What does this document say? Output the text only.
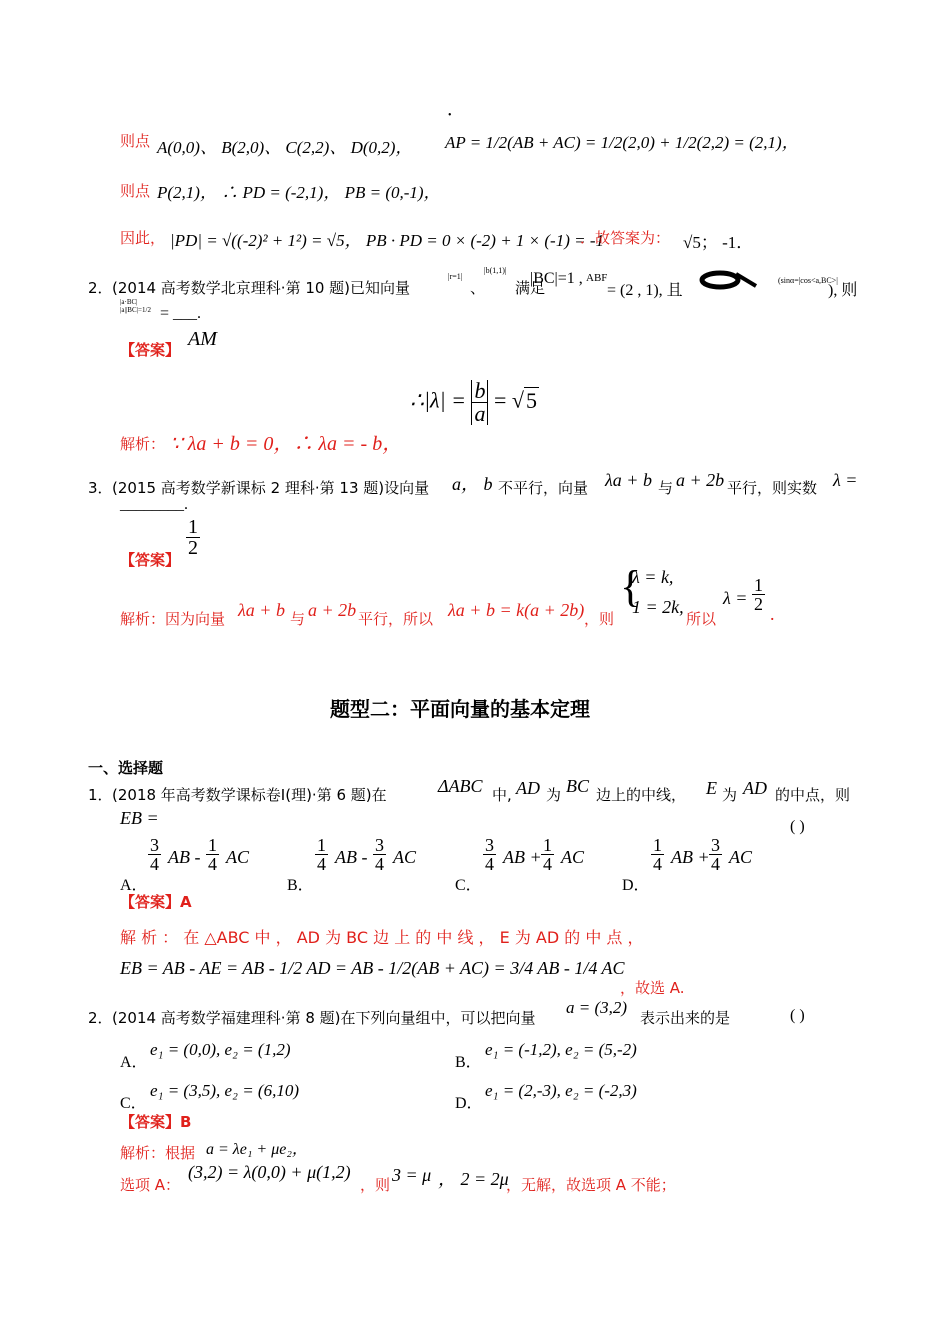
则点 A(0,0)、 B(2,0)、 C(2,2)、 D(0,2)，
•
AP = 1/2(AB + AC) = 1/2(2,0) + 1/2(2,2) = (2,1)，
则点 P(2,1)， ∴ PD = (-2,1)， PB = (0,-1)，
因此， |PD| = √((-2)² + 1²) = √5， PB · PD = 0 × (-2) + 1 × (-1) = -1
．故答案为： √5； -1．
2． (2014 高考数学北京理科·第 10 题)已知向量
|r=1|
、
|b(1,1)|
满足
|BC|=1 , ABF
= (2 , 1), 且
(sinα=|cos<a,BC>|
), 则
|a·BC|
|a||BC|=1/2 = ___.
【答案】 AM
∴|λ| = $\frac{b}{a} = √5$
解析： ∵ λa + b = 0，∴ λa = - b，
3． (2015 高考数学新课标 2 理科·第 13 题)设向量 a， b 不平行，向量 λa + b 与 a + 2b 平行，则实数 λ =
________.
【答案】
$\frac{1}{2}$
解析：因为向量 λa + b 与 a + 2b 平行，所以 λa + b = k(a + 2b) ，则
{
λ = k,
1 = 2k,
所以
$\lambda = \frac{1}{2}$
.
题型二：平面向量的基本定理
一、选择题
1． (2018 年高考数学课标卷Ⅰ(理)·第 6 题)在	ΔABC 中, AD 为 BC 边上的中线， E 为 AD 的中点，则
EB =	( )
A．
$\frac{3}{4}$ AB - $\frac{1}{4}$ AC
B．
$\frac{1}{4}$ AB - $\frac{3}{4}$ AC
C．
$\frac{3}{4}$ AB + $\frac{1}{4}$ AC
D．
$\frac{1}{4}$ AB + $\frac{3}{4}$ AC
【答案】A
解 析 ： 在 △ABC 中 ， AD 为 BC 边 上 的 中 线 ， E 为 AD 的 中 点 ，
EB = AB - AE = AB - 1/2 AD = AB - 1/2(AB + AC) = 3/4 AB - 1/4 AC
，故选 A.
2． (2014 高考数学福建理科·第 8 题)在下列向量组中，可以把向量
a = (3,2)
表示出来的是	( )
A．
e₁ = (0,0), e₂ = (1,2)
B．
e₁ = (-1,2), e₂ = (5,-2)
C．
e₁ = (3,5), e₂ = (6,10)
D．
e₁ = (2,-3), e₂ = (-2,3)
【答案】B
解析：根据 a = λe₁ + μe₂，
选项 A：
(3,2) = λ(0,0) + μ(1,2)
，则 3 = μ ， 2 = 2μ
，无解，故选项 A 不能；
